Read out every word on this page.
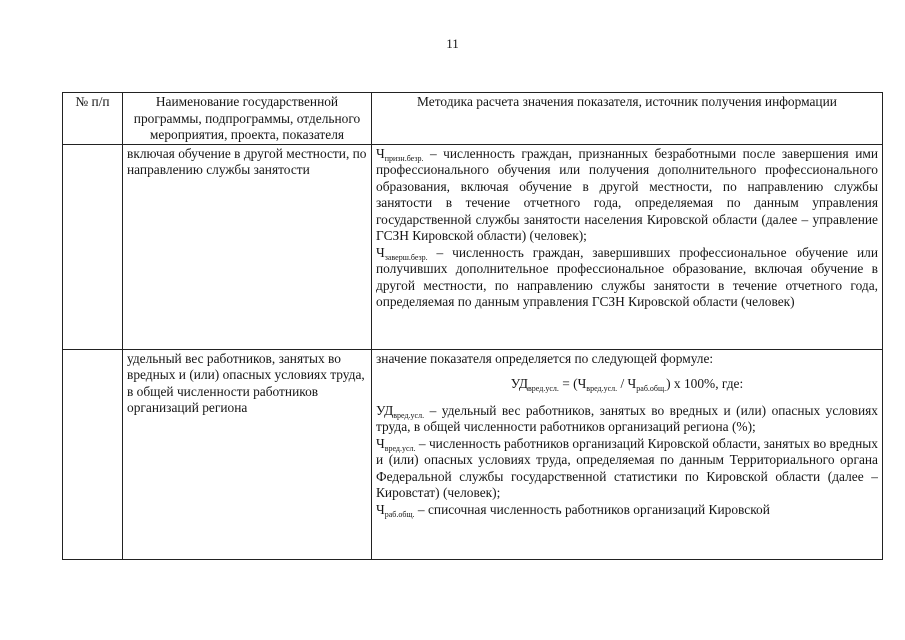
11
№ п/п	Наименование государственной программы, подпрограммы, отдельного мероприятия, проекта, показателя	Методика расчета значения показателя, источник получения информации
	включая обучение в другой местности, по направлению службы занятости	$Ч_{призн.безр.}$ – численность граждан, признанных безработными после завершения ими профессионального обучения или получения дополнительного профессионального образования, включая обучение в другой местности, по направлению службы занятости в течение отчетного года, определяемая по данным управления государственной службы занятости населения Кировской области (далее – управление ГСЗН Кировской области) (человек);
$Ч_{заверш.безр.}$ – численность граждан, завершивших профессиональное обучение или получивших дополнительное профессиональное образование, включая обучение в другой местности, по направлению службы занятости в течение отчетного года, определяемая по данным управления ГСЗН Кировской области (человек)

	удельный вес работников, занятых во вредных и (или) опасных условиях труда, в общей численности работников организаций региона	значение показателя определяется по следующей формуле:
$УД_{вред.усл.} = (Ч_{вред.усл.} / Ч_{раб.общ.})$ х 100%, где:
$УД_{вред.усл.}$ – удельный вес работников, занятых во вредных и (или) опасных условиях труда, в общей численности работников организаций региона (%);
$Ч_{вред.усл.}$ – численность работников организаций Кировской области, занятых во вредных и (или) опасных условиях труда, определяемая по данным Территориального органа Федеральной службы государственной статистики по Кировской области (далее – Кировстат) (человек);
$Ч_{раб.общ.}$ – списочная численность работников организаций Кировской
